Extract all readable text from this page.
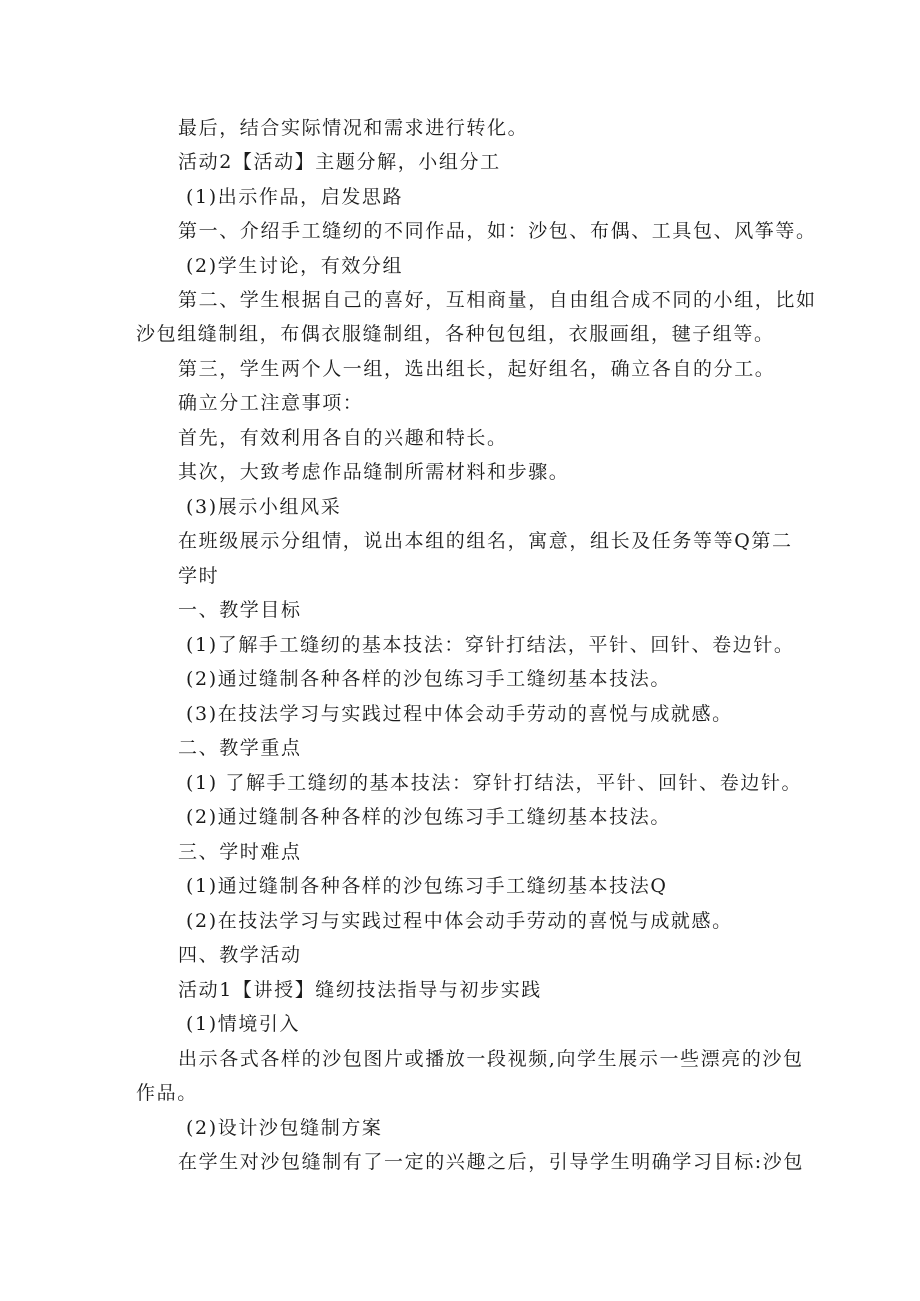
最后，结合实际情况和需求进行转化。
活动2【活动】主题分解，小组分工
(1)出示作品，启发思路
第一、介绍手工缝纫的不同作品，如：沙包、布偶、工具包、风筝等。
(2)学生讨论，有效分组
第二、学生根据自己的喜好，互相商量，自由组合成不同的小组，比如
沙包组缝制组，布偶衣服缝制组，各种包包组，衣服画组，毽子组等。
第三，学生两个人一组，选出组长，起好组名，确立各自的分工。
确立分工注意事项：
首先，有效利用各自的兴趣和特长。
其次，大致考虑作品缝制所需材料和步骤。
(3)展示小组风采
在班级展示分组情，说出本组的组名，寓意，组长及任务等等Q第二
学时
一、教学目标
(1)了解手工缝纫的基本技法：穿针打结法，平针、回针、卷边针。
(2)通过缝制各种各样的沙包练习手工缝纫基本技法。
(3)在技法学习与实践过程中体会动手劳动的喜悦与成就感。
二、教学重点
(1) 了解手工缝纫的基本技法：穿针打结法，平针、回针、卷边针。
(2)通过缝制各种各样的沙包练习手工缝纫基本技法。
三、学时难点
(1)通过缝制各种各样的沙包练习手工缝纫基本技法Q
(2)在技法学习与实践过程中体会动手劳动的喜悦与成就感。
四、教学活动
活动1【讲授】缝纫技法指导与初步实践
(1)情境引入
出示各式各样的沙包图片或播放一段视频,向学生展示一些漂亮的沙包
作品。
(2)设计沙包缝制方案
在学生对沙包缝制有了一定的兴趣之后，引导学生明确学习目标:沙包
